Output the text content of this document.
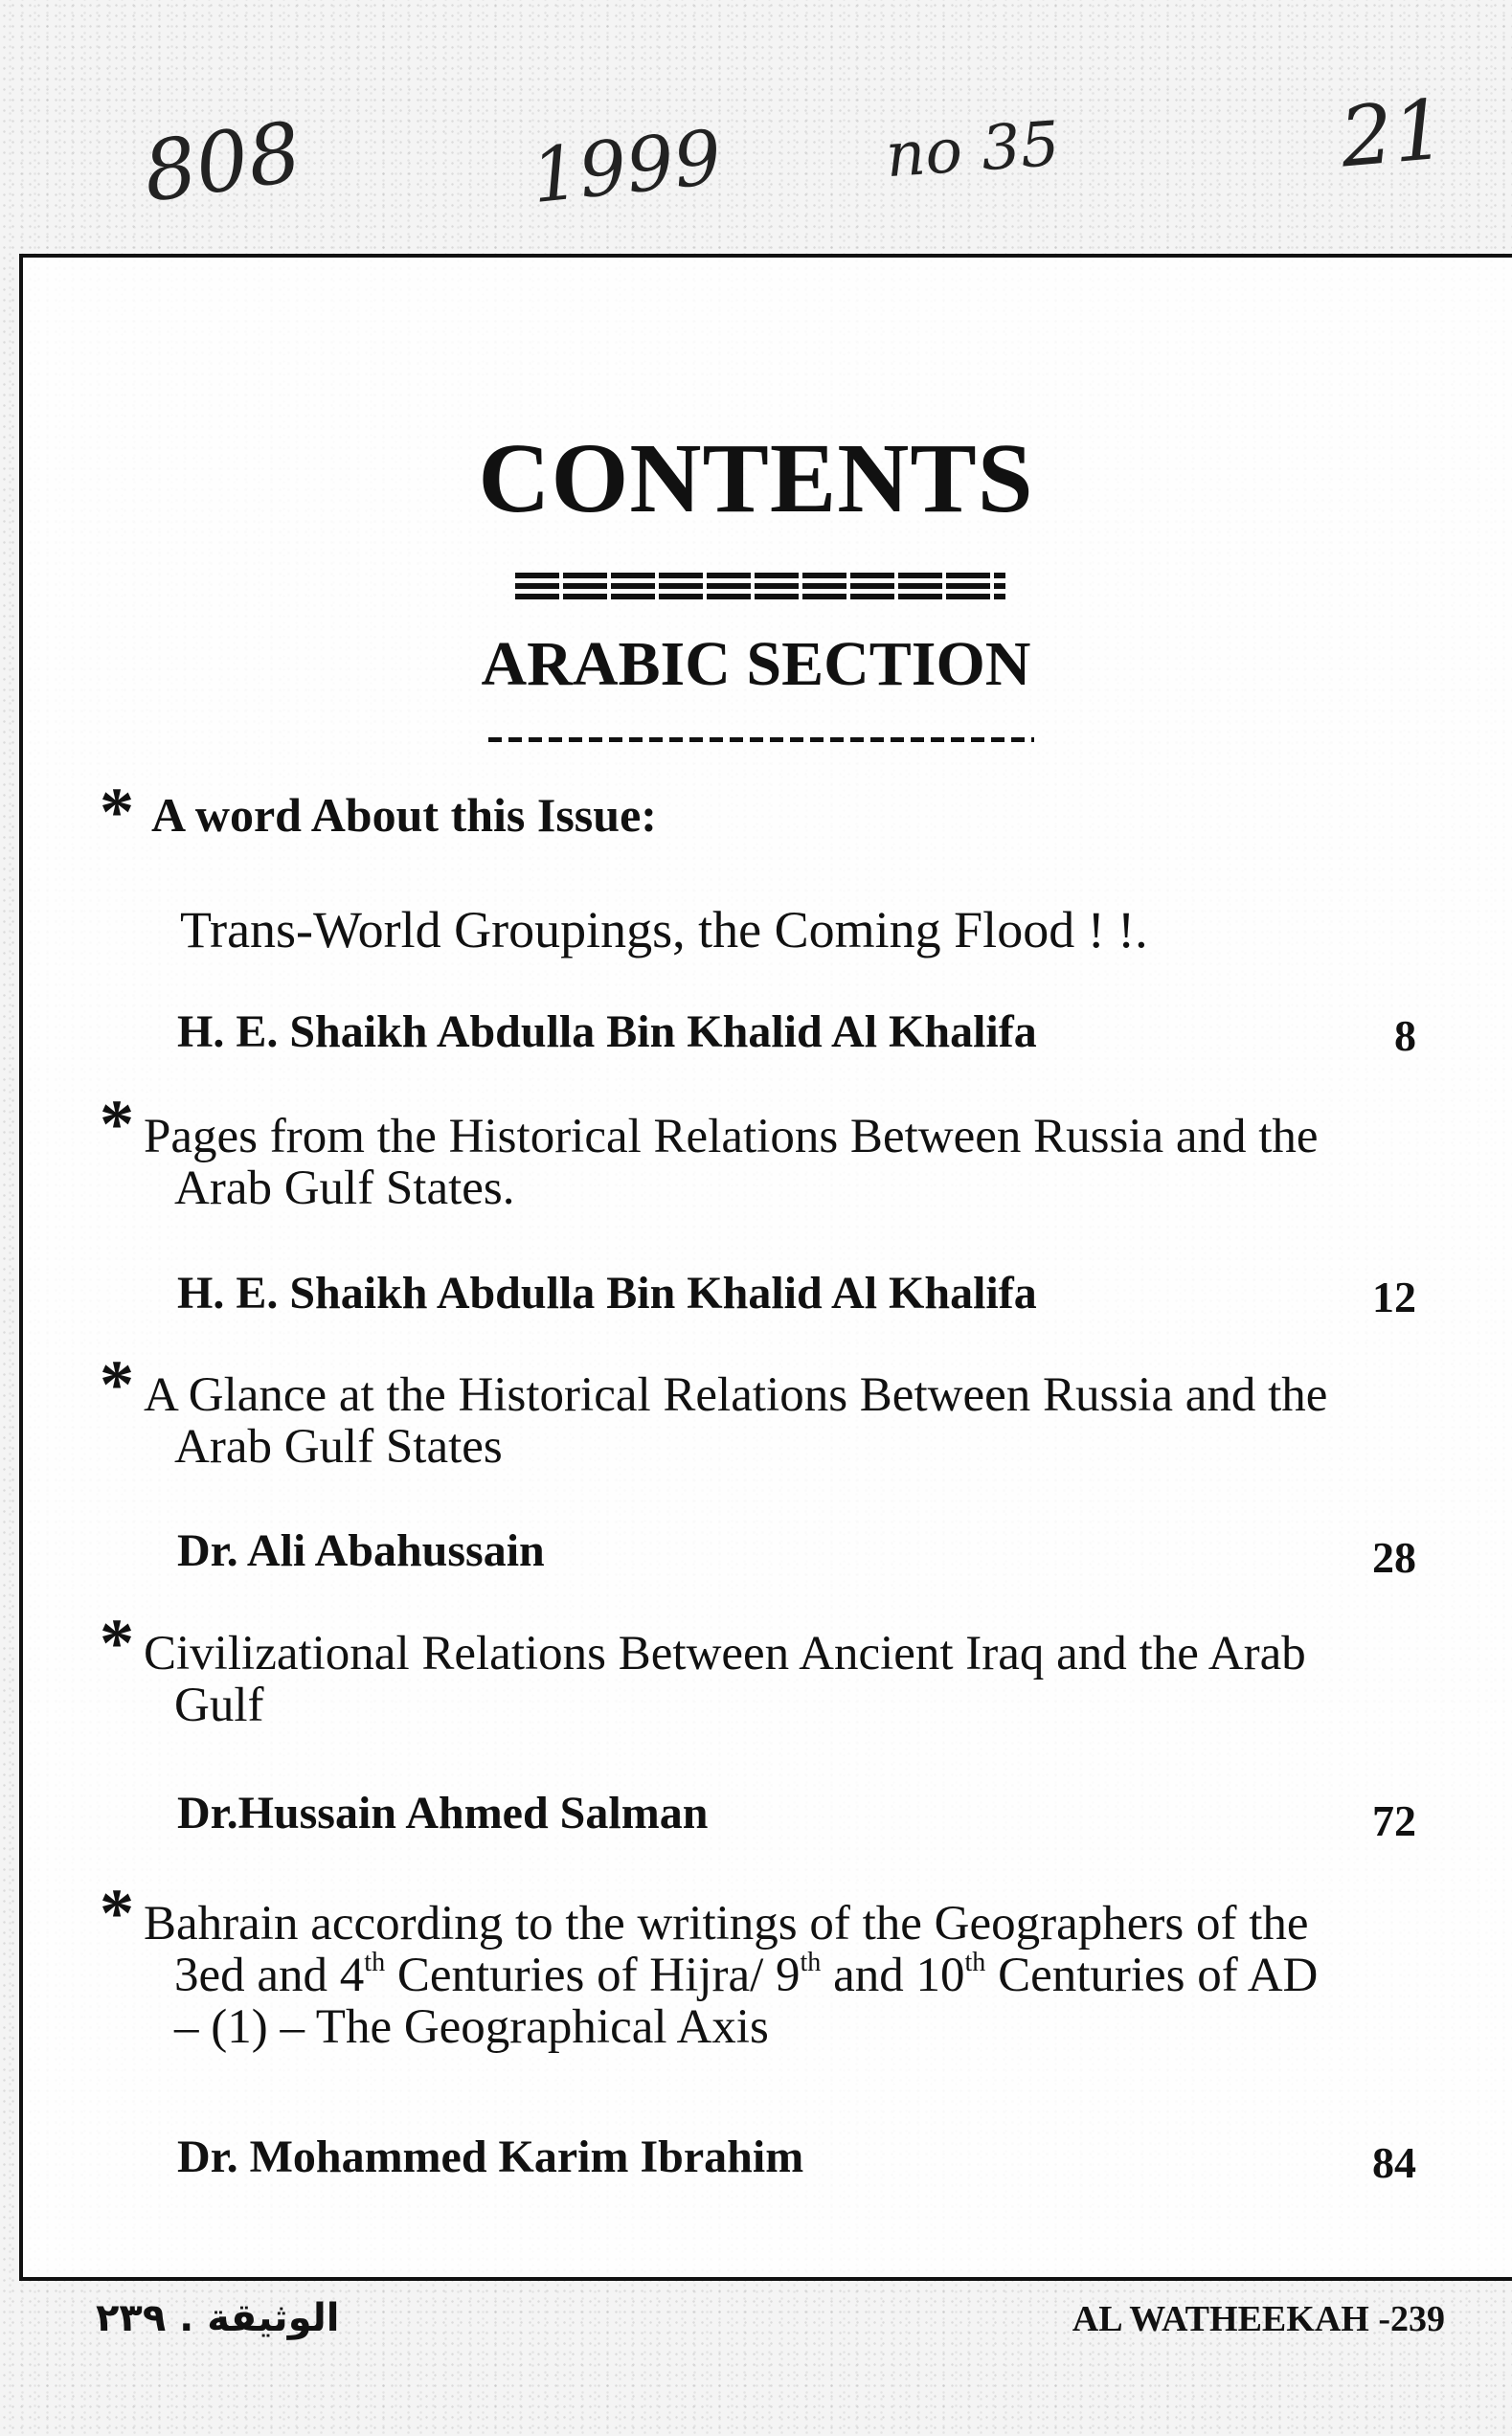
808	1999	no 35	21
CONTENTS
ARABIC SECTION
* A word About this Issue:
Trans-World Groupings, the Coming Flood ! !.
H. E. Shaikh Abdulla Bin Khalid Al Khalifa	8
* Pages from the Historical Relations Between Russia and the
Arab Gulf States.
H. E. Shaikh Abdulla Bin Khalid Al Khalifa	12
* A Glance at the Historical Relations Between Russia and the
Arab Gulf States
Dr. Ali Abahussain	28
* Civilizational Relations Between Ancient Iraq and the Arab
Gulf
Dr.Hussain Ahmed Salman	72
* Bahrain according to the writings of the Geographers of the
3ed and 4th Centuries of Hijra/ 9th and 10th Centuries of AD
– (1) – The Geographical Axis
Dr. Mohammed Karim Ibrahim	84
الوثيقة . ٢٣٩	AL WATHEEKAH -239
